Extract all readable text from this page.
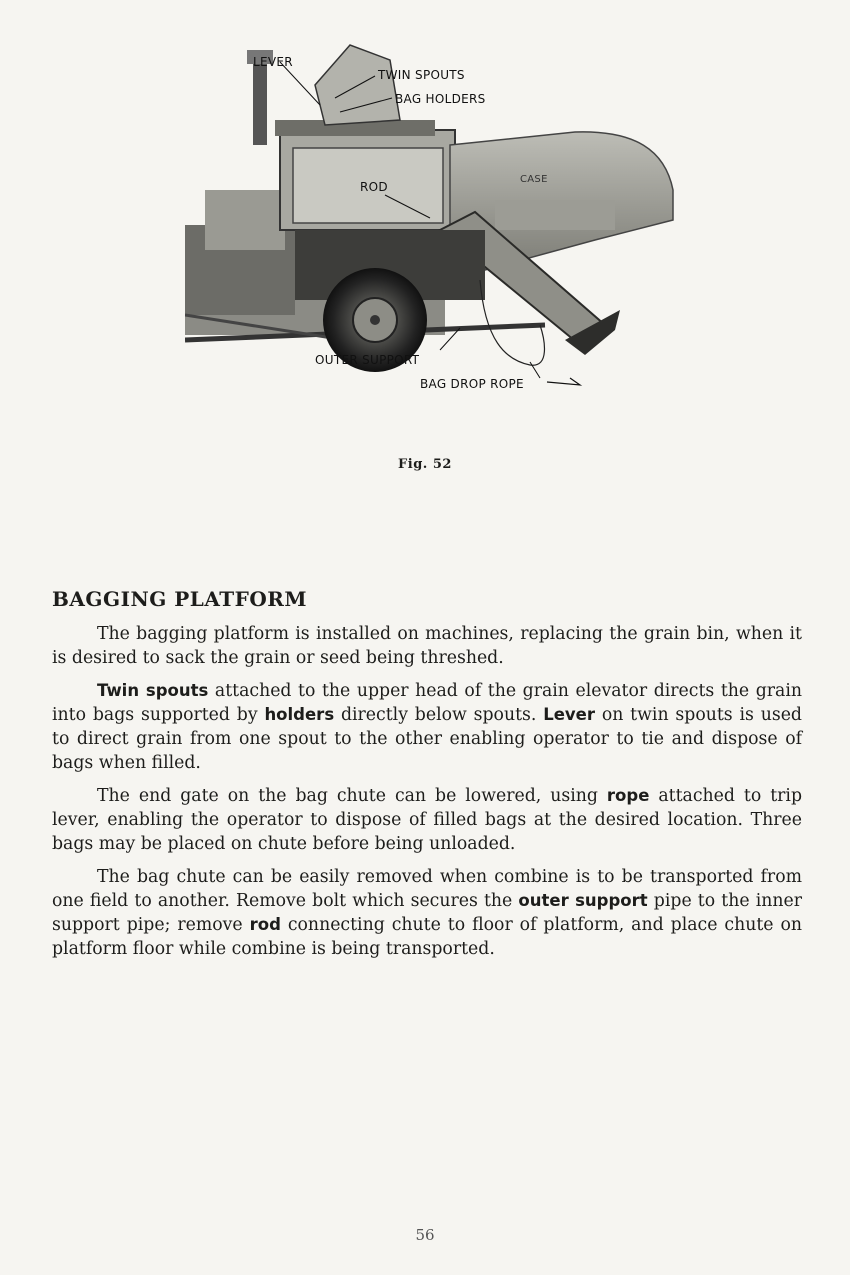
LEVER
TWIN SPOUTS
BAG HOLDERS
ROD
CASE
OUTER SUPPORT
BAG DROP ROPE
Fig. 52
BAGGING PLATFORM

The bagging platform is installed on machines, replacing the grain bin, when it is desired to sack the grain or seed being threshed.

Twin spouts attached to the upper head of the grain elevator directs the grain into bags supported by holders directly below spouts. Lever on twin spouts is used to direct grain from one spout to the other enabling operator to tie and dispose of bags when filled.

The end gate on the bag chute can be lowered, using rope attached to trip lever, enabling the operator to dispose of filled bags at the desired location. Three bags may be placed on chute before being unloaded.

The bag chute can be easily removed when combine is to be transported from one field to another. Remove bolt which secures the outer support pipe to the inner support pipe; remove rod connecting chute to floor of platform, and place chute on platform floor while combine is being transported.

56
